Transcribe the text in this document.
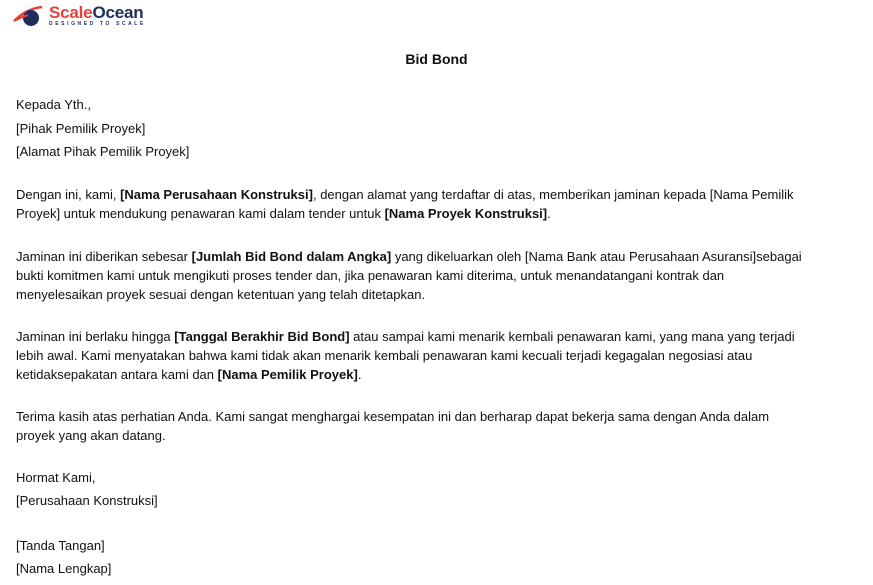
ScaleOcean
DESIGNED TO SCALE
Bid Bond
Kepada Yth.,
[Pihak Pemilik Proyek]
[Alamat Pihak Pemilik Proyek]
Dengan ini, kami, [Nama Perusahaan Konstruksi], dengan alamat yang terdaftar di atas, memberikan jaminan kepada [Nama Pemilik
Proyek] untuk mendukung penawaran kami dalam tender untuk [Nama Proyek Konstruksi].
Jaminan ini diberikan sebesar [Jumlah Bid Bond dalam Angka] yang dikeluarkan oleh [Nama Bank atau Perusahaan Asuransi]sebagai
bukti komitmen kami untuk mengikuti proses tender dan, jika penawaran kami diterima, untuk menandatangani kontrak dan
menyelesaikan proyek sesuai dengan ketentuan yang telah ditetapkan.
Jaminan ini berlaku hingga [Tanggal Berakhir Bid Bond] atau sampai kami menarik kembali penawaran kami, yang mana yang terjadi
lebih awal. Kami menyatakan bahwa kami tidak akan menarik kembali penawaran kami kecuali terjadi kegagalan negosiasi atau
ketidaksepakatan antara kami dan [Nama Pemilik Proyek].
Terima kasih atas perhatian Anda. Kami sangat menghargai kesempatan ini dan berharap dapat bekerja sama dengan Anda dalam
proyek yang akan datang.
Hormat Kami,
[Perusahaan Konstruksi]
[Tanda Tangan]
[Nama Lengkap]
